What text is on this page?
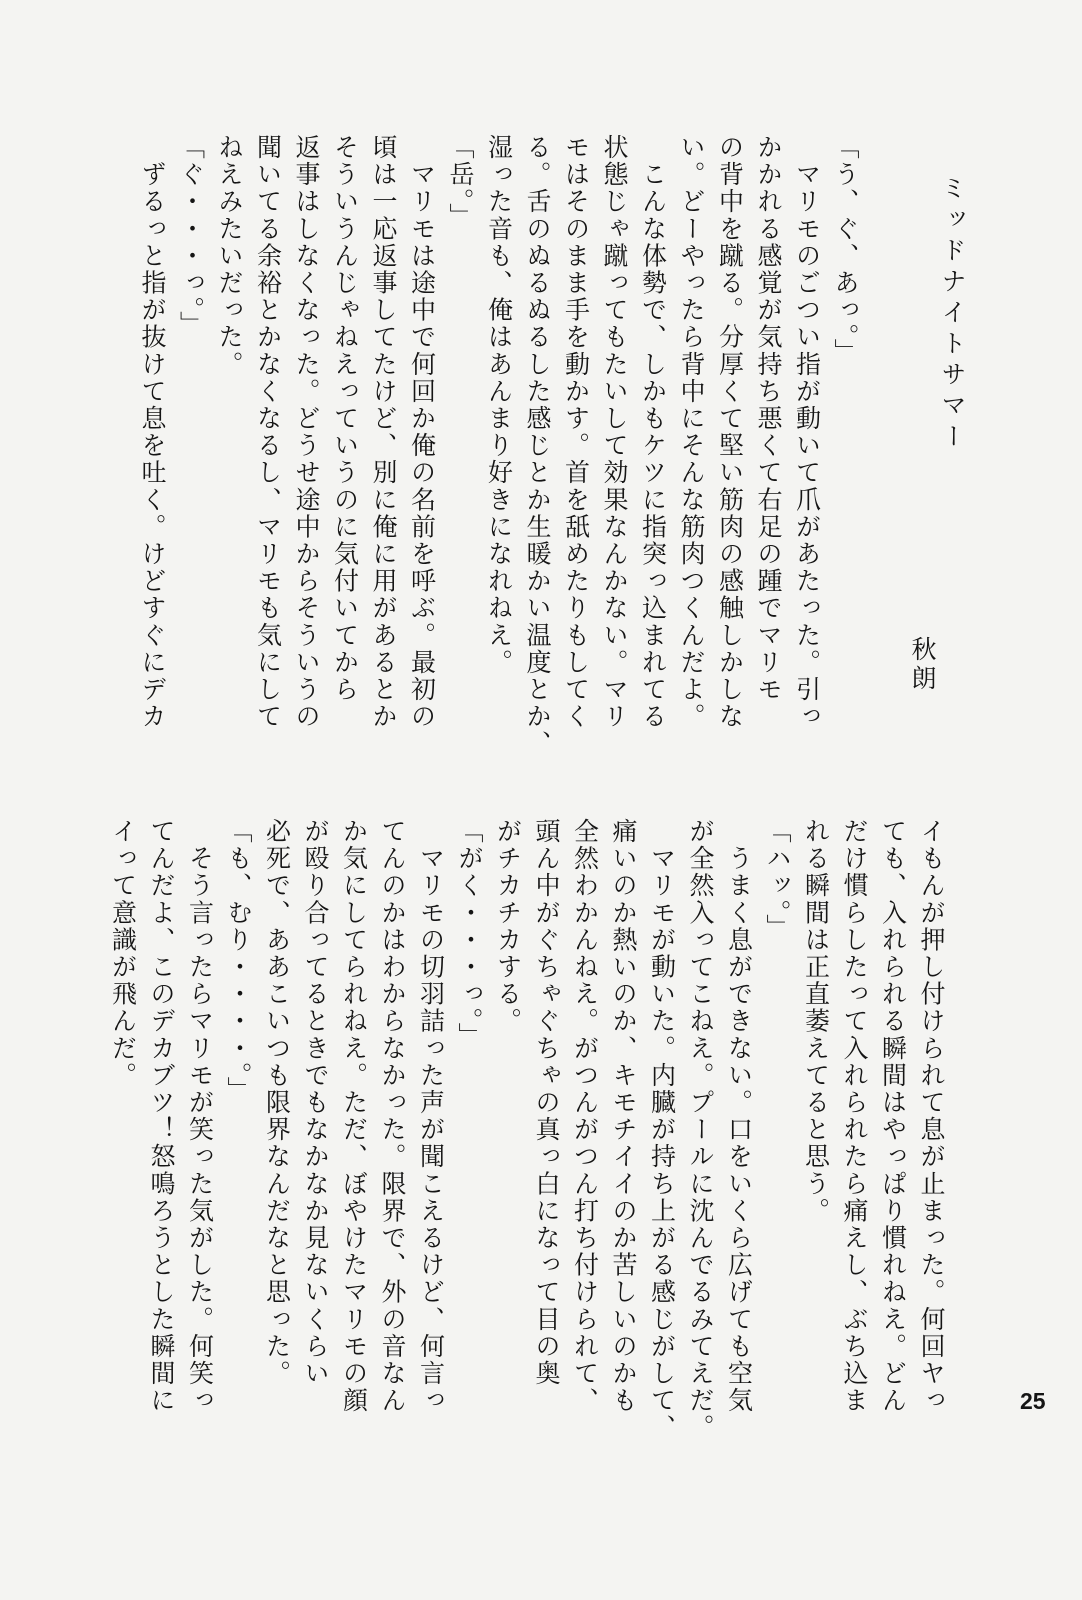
ミッドナイトサマー
秋朗
「う、ぐ、あっ。」
　マリモのごつい指が動いて爪があたった。引っ
かかれる感覚が気持ち悪くて右足の踵でマリモ
の背中を蹴る。分厚くて堅い筋肉の感触しかしな
い。どーやったら背中にそんな筋肉つくんだよ。
　こんな体勢で、しかもケツに指突っ込まれてる
状態じゃ蹴ってもたいして効果なんかない。マリ
モはそのまま手を動かす。首を舐めたりもしてく
る。舌のぬるぬるした感じとか生暖かい温度とか、
湿った音も、俺はあんまり好きになれねえ。
「岳。」
　マリモは途中で何回か俺の名前を呼ぶ。最初の
頃は一応返事してたけど、別に俺に用があるとか
そういうんじゃねえっていうのに気付いてから
返事はしなくなった。どうせ途中からそういうの
聞いてる余裕とかなくなるし、マリモも気にして
ねえみたいだった。
「ぐ・・・っ。」
　ずるっと指が抜けて息を吐く。けどすぐにデカ
イもんが押し付けられて息が止まった。何回ヤっ
ても、入れられる瞬間はやっぱり慣れねえ。どん
だけ慣らしたって入れられたら痛えし、ぶち込ま
れる瞬間は正直萎えてると思う。
「ハッ。」
　うまく息ができない。口をいくら広げても空気
が全然入ってこねえ。プールに沈んでるみてえだ。
　マリモが動いた。内臓が持ち上がる感じがして、
痛いのか熱いのか、キモチイイのか苦しいのかも
全然わかんねえ。がつんがつん打ち付けられて、
頭ん中がぐちゃぐちゃの真っ白になって目の奥
がチカチカする。
「がく・・・っ。」
　マリモの切羽詰った声が聞こえるけど、何言っ
てんのかはわからなかった。限界で、外の音なん
か気にしてられねえ。ただ、ぼやけたマリモの顔
が殴り合ってるときでもなかなか見ないくらい
必死で、ああこいつも限界なんだなと思った。
「も、むり・・・・。」
　そう言ったらマリモが笑った気がした。何笑っ
てんだよ、このデカブツ！怒鳴ろうとした瞬間に
イって意識が飛んだ。
25
